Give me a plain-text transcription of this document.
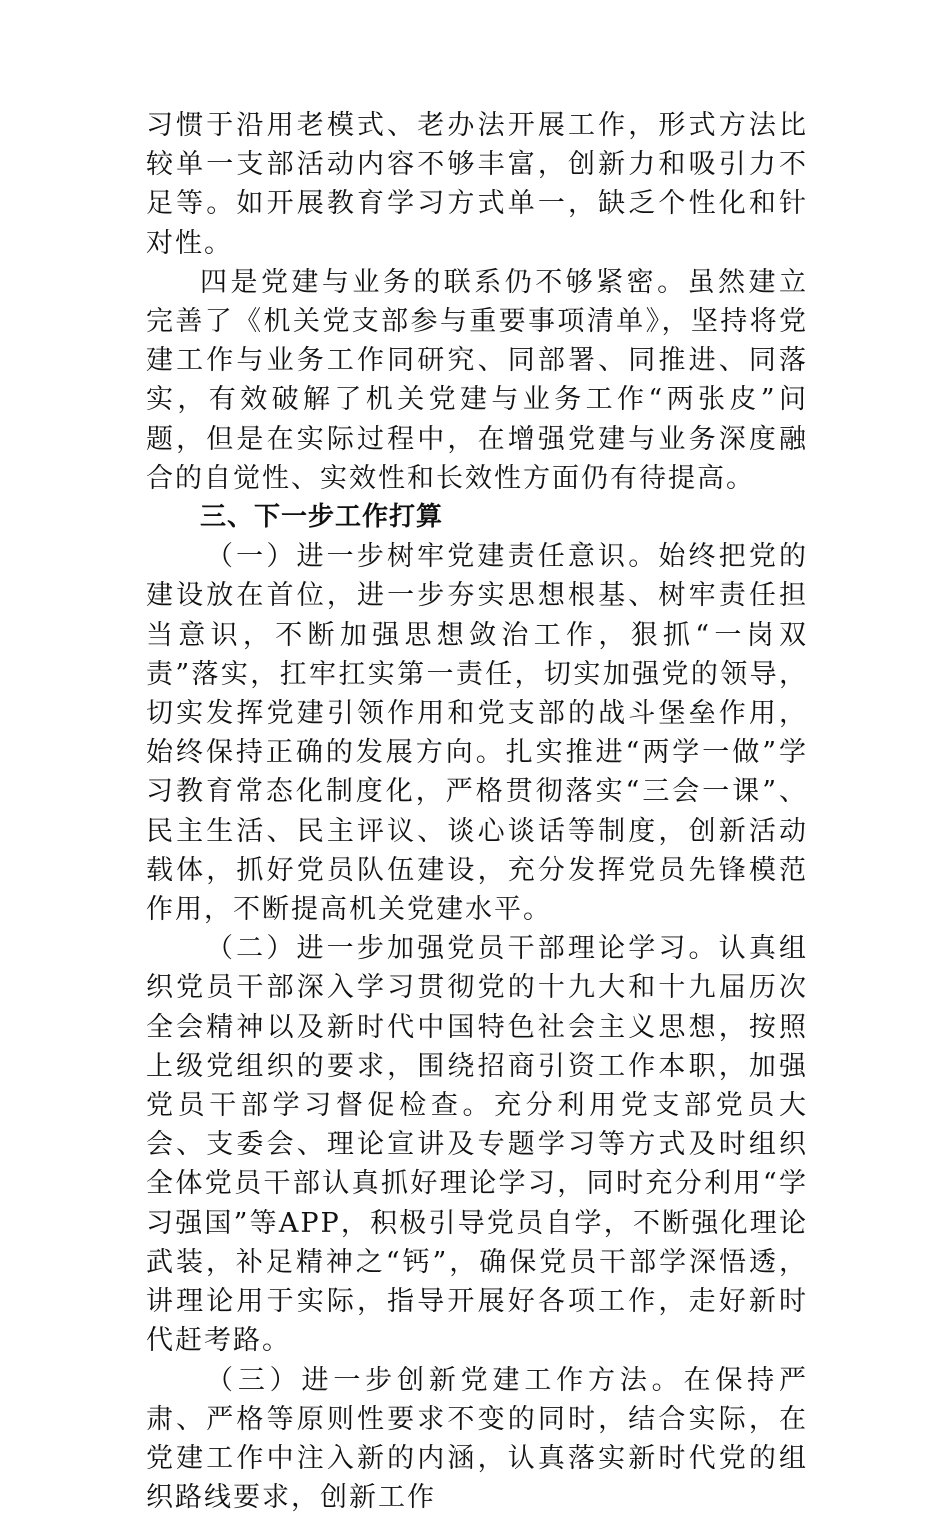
习惯于沿用老模式、老办法开展工作，形式方法比较单一支部活动内容不够丰富，创新力和吸引力不足等。如开展教育学习方式单一，缺乏个性化和针对性。

四是党建与业务的联系仍不够紧密。虽然建立完善了《机关党支部参与重要事项清单》，坚持将党建工作与业务工作同研究、同部署、同推进、同落实，有效破解了机关党建与业务工作“两张皮”问题，但是在实际过程中，在增强党建与业务深度融合的自觉性、实效性和长效性方面仍有待提高。

三、下一步工作打算

（一）进一步树牢党建责任意识。始终把党的建设放在首位，进一步夯实思想根基、树牢责任担当意识，不断加强思想敛治工作，狠抓“一岗双责”落实，扛牢扛实第一责任，切实加强党的领导，切实发挥党建引领作用和党支部的战斗堡垒作用，始终保持正确的发展方向。扎实推进“两学一做”学习教育常态化制度化，严格贯彻落实“三会一课”、民主生活、民主评议、谈心谈话等制度，创新活动载体，抓好党员队伍建设，充分发挥党员先锋模范作用，不断提高机关党建水平。

（二）进一步加强党员干部理论学习。认真组织党员干部深入学习贯彻党的十九大和十九届历次全会精神以及新时代中国特色社会主义思想，按照上级党组织的要求，围绕招商引资工作本职，加强党员干部学习督促检查。充分利用党支部党员大会、支委会、理论宣讲及专题学习等方式及时组织全体党员干部认真抓好理论学习，同时充分利用“学习强国”等APP，积极引导党员自学，不断强化理论武装，补足精神之“钙”，确保党员干部学深悟透，讲理论用于实际，指导开展好各项工作，走好新时代赶考路。

（三）进一步创新党建工作方法。在保持严肃、严格等原则性要求不变的同时，结合实际，在党建工作中注入新的内涵，认真落实新时代党的组织路线要求，创新工作
